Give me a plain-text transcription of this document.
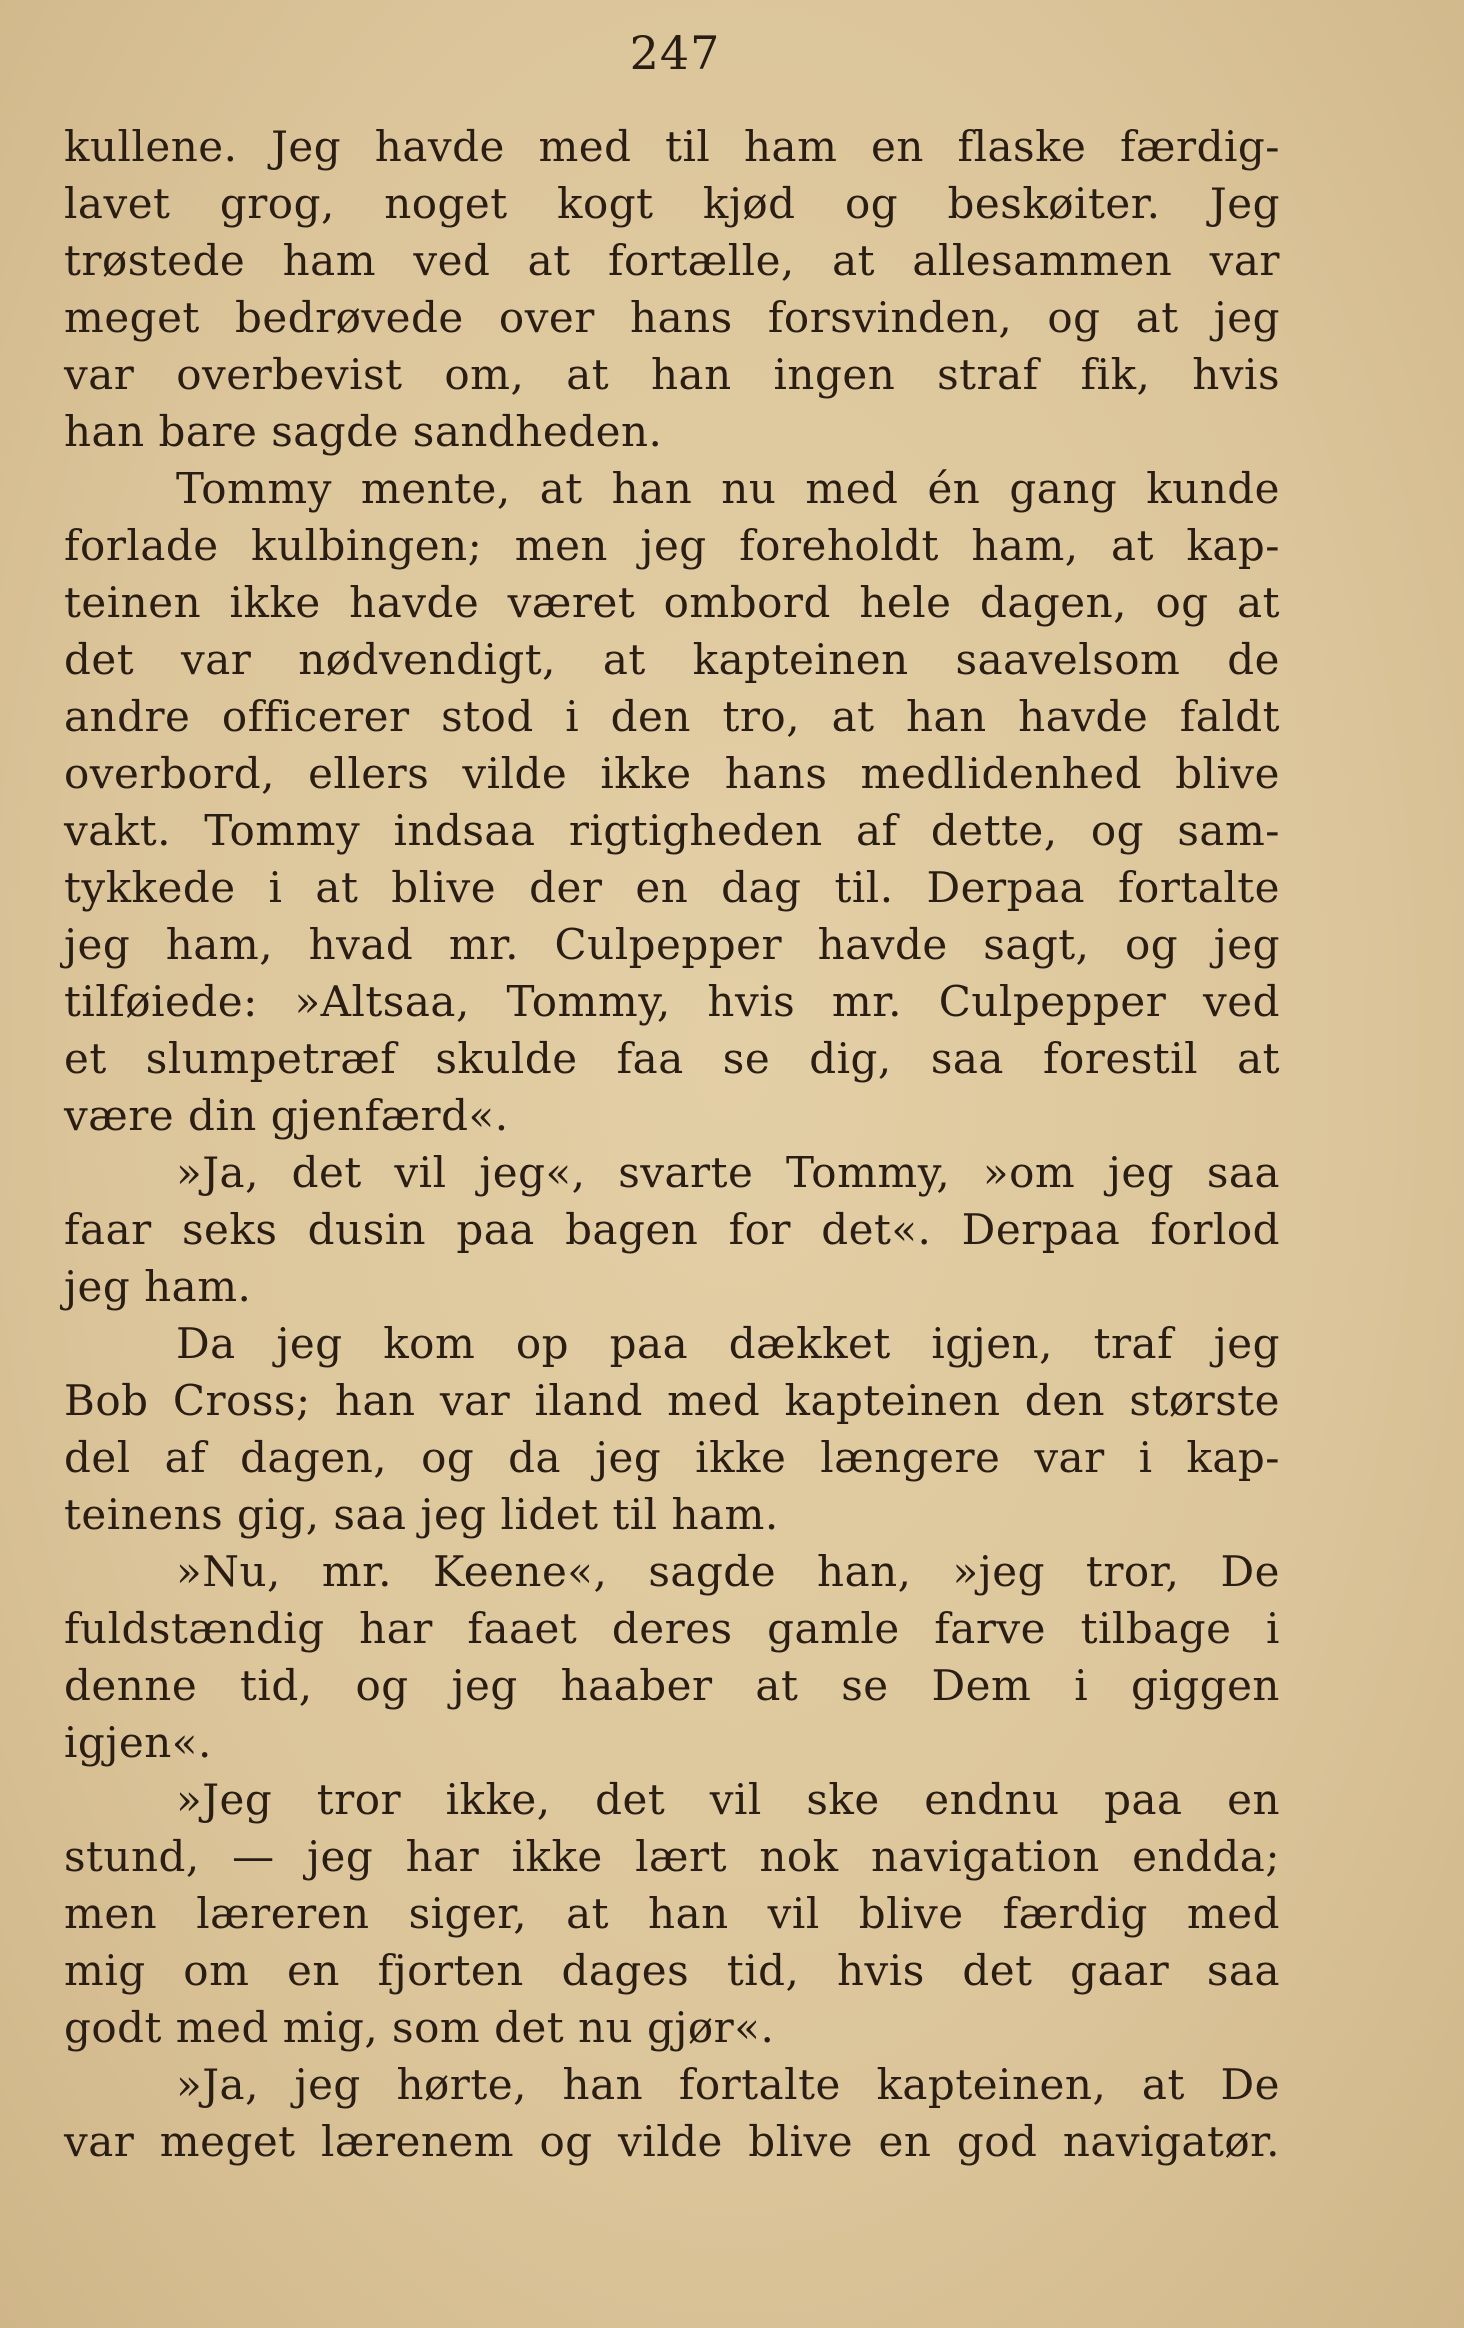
247
kullene. Jeg havde med til ham en flaske færdig-
lavet grog, noget kogt kjød og beskøiter. Jeg
trøstede ham ved at fortælle, at allesammen var
meget bedrøvede over hans forsvinden, og at jeg
var overbevist om, at han ingen straf fik, hvis
han bare sagde sandheden.
Tommy mente, at han nu med én gang kunde
forlade kulbingen; men jeg foreholdt ham, at kap-
teinen ikke havde været ombord hele dagen, og at
det var nødvendigt, at kapteinen saavelsom de
andre officerer stod i den tro, at han havde faldt
overbord, ellers vilde ikke hans medlidenhed blive
vakt. Tommy indsaa rigtigheden af dette, og sam-
tykkede i at blive der en dag til. Derpaa fortalte
jeg ham, hvad mr. Culpepper havde sagt, og jeg
tilføiede: »Altsaa, Tommy, hvis mr. Culpepper ved
et slumpetræf skulde faa se dig, saa forestil at
være din gjenfærd«.
»Ja, det vil jeg«, svarte Tommy, »om jeg saa
faar seks dusin paa bagen for det«. Derpaa forlod
jeg ham.
Da jeg kom op paa dækket igjen, traf jeg
Bob Cross; han var iland med kapteinen den største
del af dagen, og da jeg ikke længere var i kap-
teinens gig, saa jeg lidet til ham.
»Nu, mr. Keene«, sagde han, »jeg tror, De
fuldstændig har faaet deres gamle farve tilbage i
denne tid, og jeg haaber at se Dem i giggen
igjen«.
»Jeg tror ikke, det vil ske endnu paa en
stund, — jeg har ikke lært nok navigation endda;
men læreren siger, at han vil blive færdig med
mig om en fjorten dages tid, hvis det gaar saa
godt med mig, som det nu gjør«.
»Ja, jeg hørte, han fortalte kapteinen, at De
var meget lærenem og vilde blive en god navigatør.
